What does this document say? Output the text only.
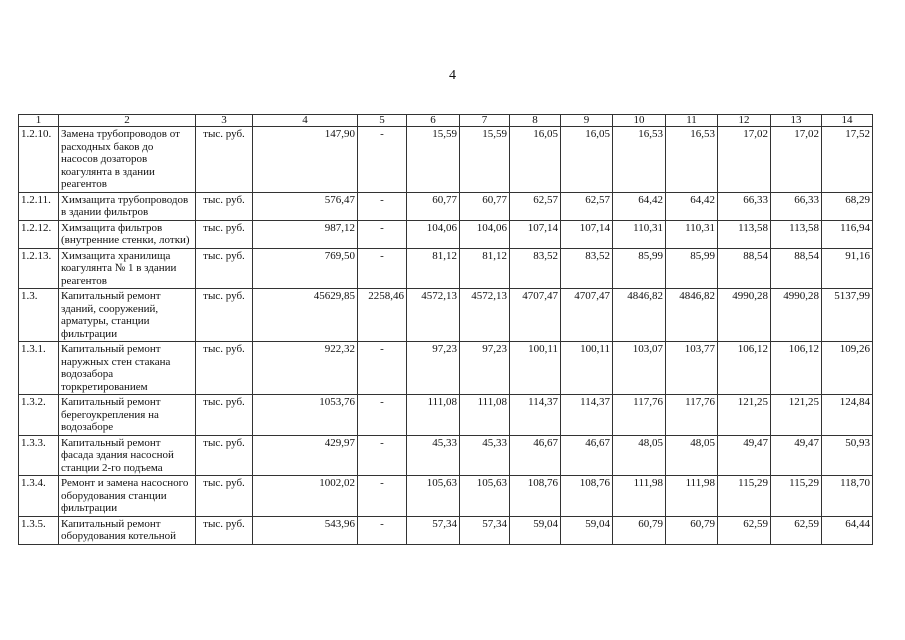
4
1	2	3	4	5	6	7	8	9	10	11	12	13	14
1.2.10.	Замена трубопроводов от расходных баков до насосов дозаторов коагулянта в здании реагентов	тыс. руб.	147,90	-	15,59	15,59	16,05	16,05	16,53	16,53	17,02	17,02	17,52
1.2.11.	Химзащита трубопроводов в здании фильтров	тыс. руб.	576,47	-	60,77	60,77	62,57	62,57	64,42	64,42	66,33	66,33	68,29
1.2.12.	Химзащита фильтров (внутренние стенки, лотки)	тыс. руб.	987,12	-	104,06	104,06	107,14	107,14	110,31	110,31	113,58	113,58	116,94
1.2.13.	Химзащита хранилища коагулянта № 1 в здании реагентов	тыс. руб.	769,50	-	81,12	81,12	83,52	83,52	85,99	85,99	88,54	88,54	91,16
1.3.	Капитальный ремонт зданий, сооружений, арматуры, станции фильтрации	тыс. руб.	45629,85	2258,46	4572,13	4572,13	4707,47	4707,47	4846,82	4846,82	4990,28	4990,28	5137,99
1.3.1.	Капитальный ремонт наружных стен стакана водозабора торкретированием	тыс. руб.	922,32	-	97,23	97,23	100,11	100,11	103,07	103,77	106,12	106,12	109,26
1.3.2.	Капитальный ремонт берегоукрепления на водозаборе	тыс. руб.	1053,76	-	111,08	111,08	114,37	114,37	117,76	117,76	121,25	121,25	124,84
1.3.3.	Капитальный ремонт фасада здания насосной станции 2-го подъема	тыс. руб.	429,97	-	45,33	45,33	46,67	46,67	48,05	48,05	49,47	49,47	50,93
1.3.4.	Ремонт и замена насосного оборудования станции фильтрации	тыс. руб.	1002,02	-	105,63	105,63	108,76	108,76	111,98	111,98	115,29	115,29	118,70
1.3.5.	Капитальный ремонт оборудования котельной	тыс. руб.	543,96	-	57,34	57,34	59,04	59,04	60,79	60,79	62,59	62,59	64,44
